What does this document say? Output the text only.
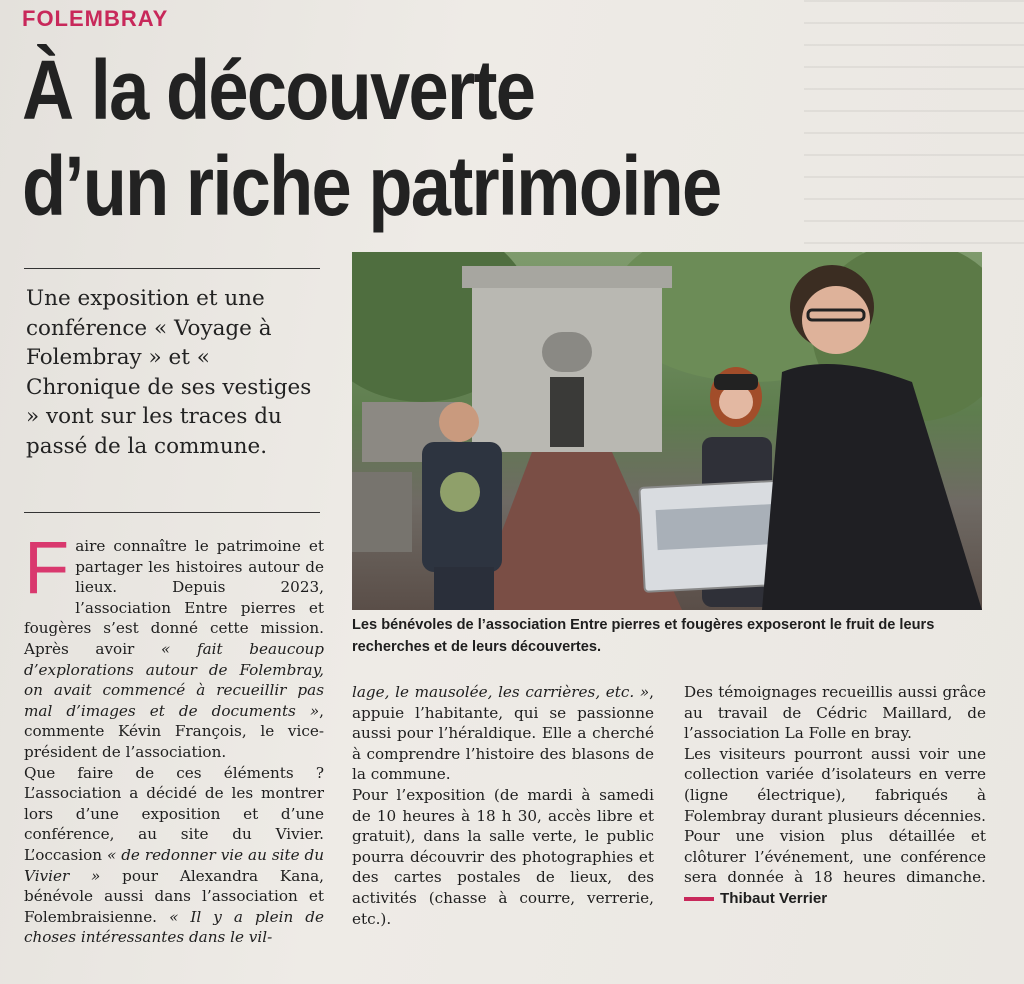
FOLEMBRAY
À la découverte
d’un riche patrimoine
Une exposition et une conférence « Voyage à Folembray » et « Chronique de ses vestiges » vont sur les traces du passé de la commune.
Les bénévoles de l’association Entre pierres et fougères exposeront le fruit de leurs recherches et de leurs découvertes.

Faire connaître le patrimoine et partager les histoires autour de lieux. Depuis 2023, l’association Entre pierres et fougères s’est donné cette mission. Après avoir « fait beaucoup d’explorations autour de Folembray, on avait commencé à recueillir pas mal d’images et de documents », commente Kévin François, le vice-président de l’association.

Que faire de ces éléments ? L’association a décidé de les montrer lors d’une exposition et d’une conférence, au site du Vivier. L’occasion « de redonner vie au site du Vivier » pour Alexandra Kana, bénévole aussi dans l’association et Folembraisienne. « Il y a plein de choses intéressantes dans le vil-

lage, le mausolée, les carrières, etc. », appuie l’habitante, qui se passionne aussi pour l’héraldique. Elle a cherché à comprendre l’histoire des blasons de la commune.

Pour l’exposition (de mardi à samedi de 10 heures à 18 h 30, accès libre et gratuit), dans la salle verte, le public pourra découvrir des photographies et des cartes postales de lieux, des activités (chasse à courre, verrerie, etc.).

Des témoignages recueillis aussi grâce au travail de Cédric Maillard, de l’association La Folle en bray.

Les visiteurs pourront aussi voir une collection variée d’isolateurs en verre (ligne électrique), fabriqués à Folembray durant plusieurs décennies. Pour une vision plus détaillée et clôturer l’événement, une conférence sera donnée à 18 heures dimanche. Thibaut Verrier
